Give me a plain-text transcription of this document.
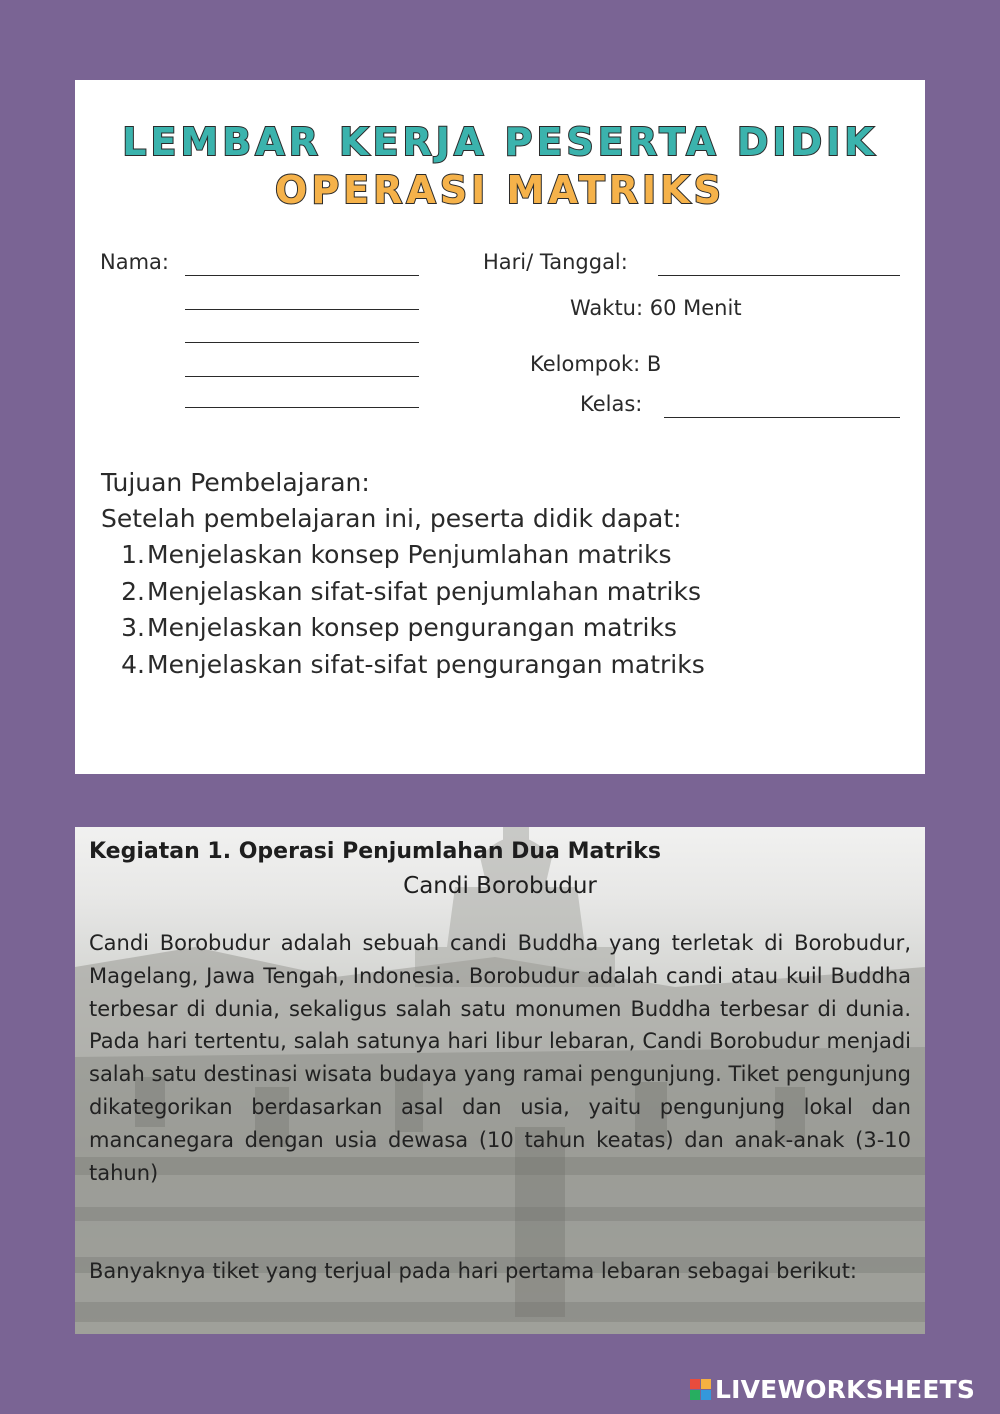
LEMBAR KERJA PESERTA DIDIK
OPERASI MATRIKS
Nama:	Hari/ Tanggal:
Waktu: 60 Menit
Kelompok: B
Kelas:
Tujuan Pembelajaran:
Setelah pembelajaran ini, peserta didik dapat:
1.Menjelaskan konsep Penjumlahan matriks
2.Menjelaskan sifat-sifat penjumlahan matriks
3.Menjelaskan konsep pengurangan matriks
4.Menjelaskan sifat-sifat pengurangan matriks
Kegiatan 1. Operasi Penjumlahan Dua Matriks
Candi Borobudur
Candi Borobudur adalah sebuah candi Buddha yang terletak di Borobudur, Magelang, Jawa Tengah, Indonesia. Borobudur adalah candi atau kuil Buddha terbesar di dunia, sekaligus salah satu monumen Buddha terbesar di dunia. Pada hari tertentu, salah satunya hari libur lebaran, Candi Borobudur menjadi salah satu destinasi wisata budaya yang ramai pengunjung. Tiket pengunjung dikategorikan berdasarkan asal dan usia, yaitu pengunjung lokal dan mancanegara dengan usia dewasa (10 tahun keatas) dan anak-anak (3-10 tahun)
Banyaknya tiket yang terjual pada hari pertama lebaran sebagai berikut:
LIVEWORKSHEETS
